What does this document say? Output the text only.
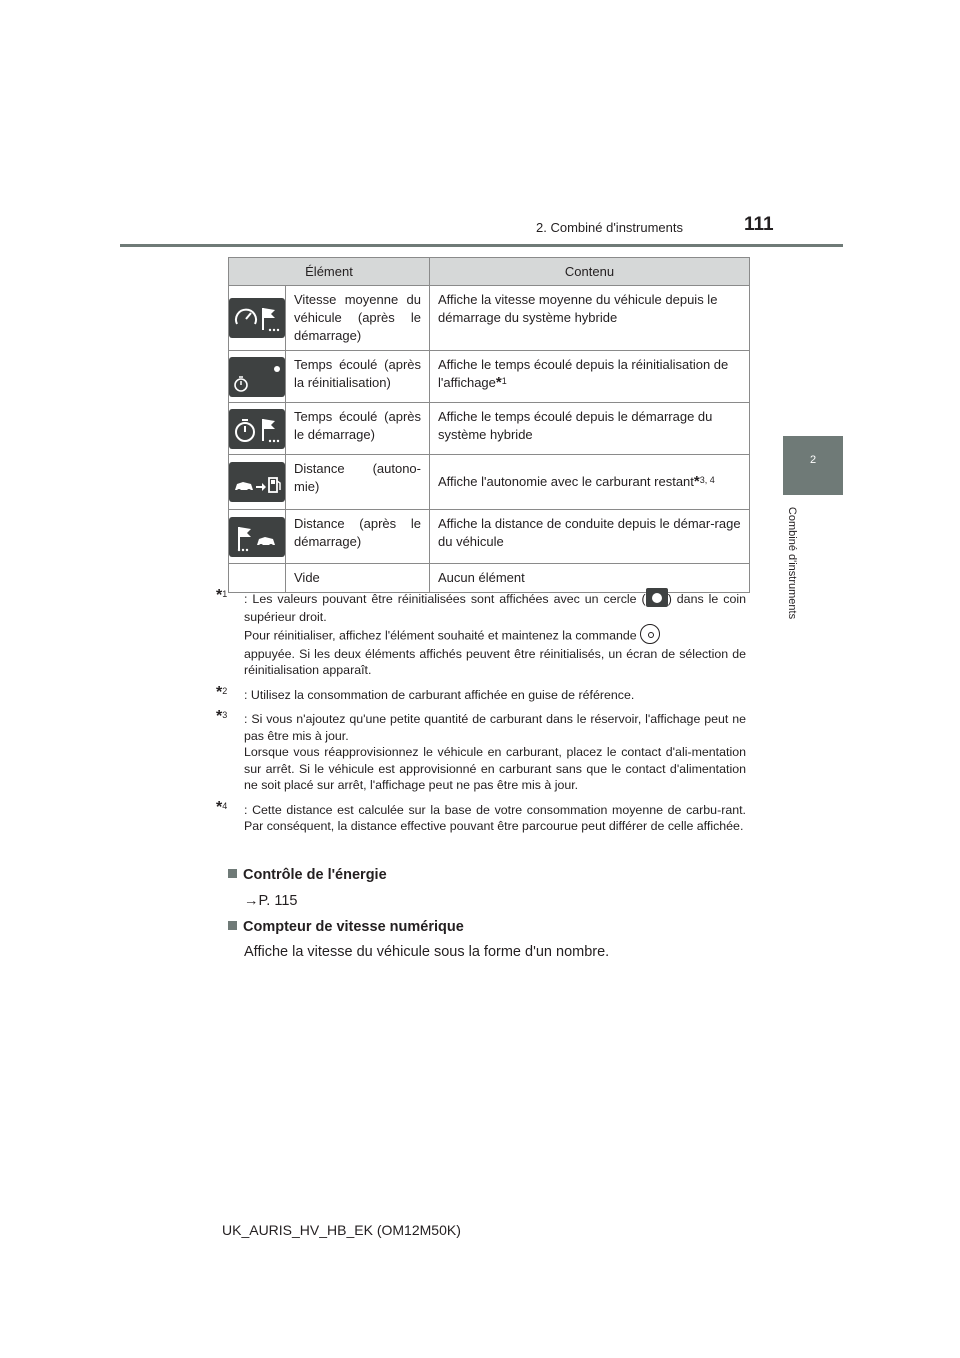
2. Combiné d'instruments	111
2
Combiné d'instruments
Élément		Contenu

	Vitesse moyenne du véhicule (après le démarrage)	Affiche la vitesse moyenne du véhicule depuis le démarrage du système hybride

	Temps écoulé (après la réinitialisation)	Affiche le temps écoulé depuis la réinitialisation de l'affichage*$^1$

	Temps écoulé (après le démarrage)	Affiche le temps écoulé depuis le démarrage du système hybride

	Distance (autono-mie)	Affiche l'autonomie avec le carburant restant*$^{3, 4}$

	Distance (après le démarrage)	Affiche la distance de conduite depuis le démar-rage du véhicule
	Vide	Aucun élément
*$^1$ : Les valeurs pouvant être réinitialisées sont affichées avec un cercle ( ) dans le coin supérieur droit.
Pour réinitialiser, affichez l'élément souhaité et maintenez la commande
appuyée. Si les deux éléments affichés peuvent être réinitialisés, un écran de sélection de réinitialisation apparaît.
*$^2$ : Utilisez la consommation de carburant affichée en guise de référence.
*$^3$ : Si vous n'ajoutez qu'une petite quantité de carburant dans le réservoir, l'affichage peut ne pas être mis à jour.
Lorsque vous réapprovisionnez le véhicule en carburant, placez le contact d'ali-mentation sur arrêt. Si le véhicule est approvisionné en carburant sans que le contact d'alimentation ne soit placé sur arrêt, l'affichage peut ne pas être mis à jour.
*$^4$ : Cette distance est calculée sur la base de votre consommation moyenne de carbu-rant. Par conséquent, la distance effective pouvant être parcourue peut différer de celle affichée.
Contrôle de l'énergie
→P. 115
Compteur de vitesse numérique
Affiche la vitesse du véhicule sous la forme d'un nombre.
UK_AURIS_HV_HB_EK (OM12M50K)
